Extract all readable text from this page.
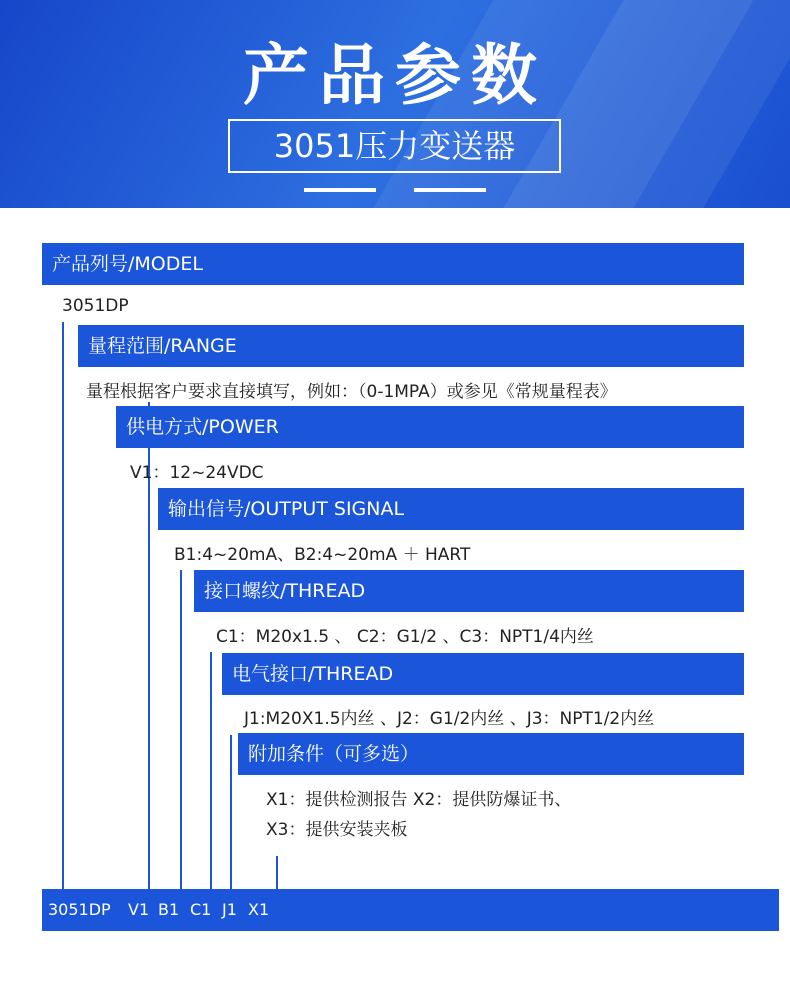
产品参数
3051压力变送器
产品列号/MODEL
3051DP
量程范围/RANGE
量程根据客户要求直接填写，例如：（0-1MPA）或参见《常规量程表》
供电方式/POWER
V1：12~24VDC
输出信号/OUTPUT SIGNAL
B1:4~20mA、B2:4~20mA ＋ HART
接口螺纹/THREAD
C1：M20x1.5 、 C2：G1/2 、C3：NPT1/4内丝
电气接口/THREAD
J1:M20X1.5内丝 、J2：G1/2内丝 、J3：NPT1/2内丝
附加条件（可多选）
X1：提供检测报告 X2：提供防爆证书、
X3：提供安装夹板
3051DP V1 B1 C1 J1 X1
